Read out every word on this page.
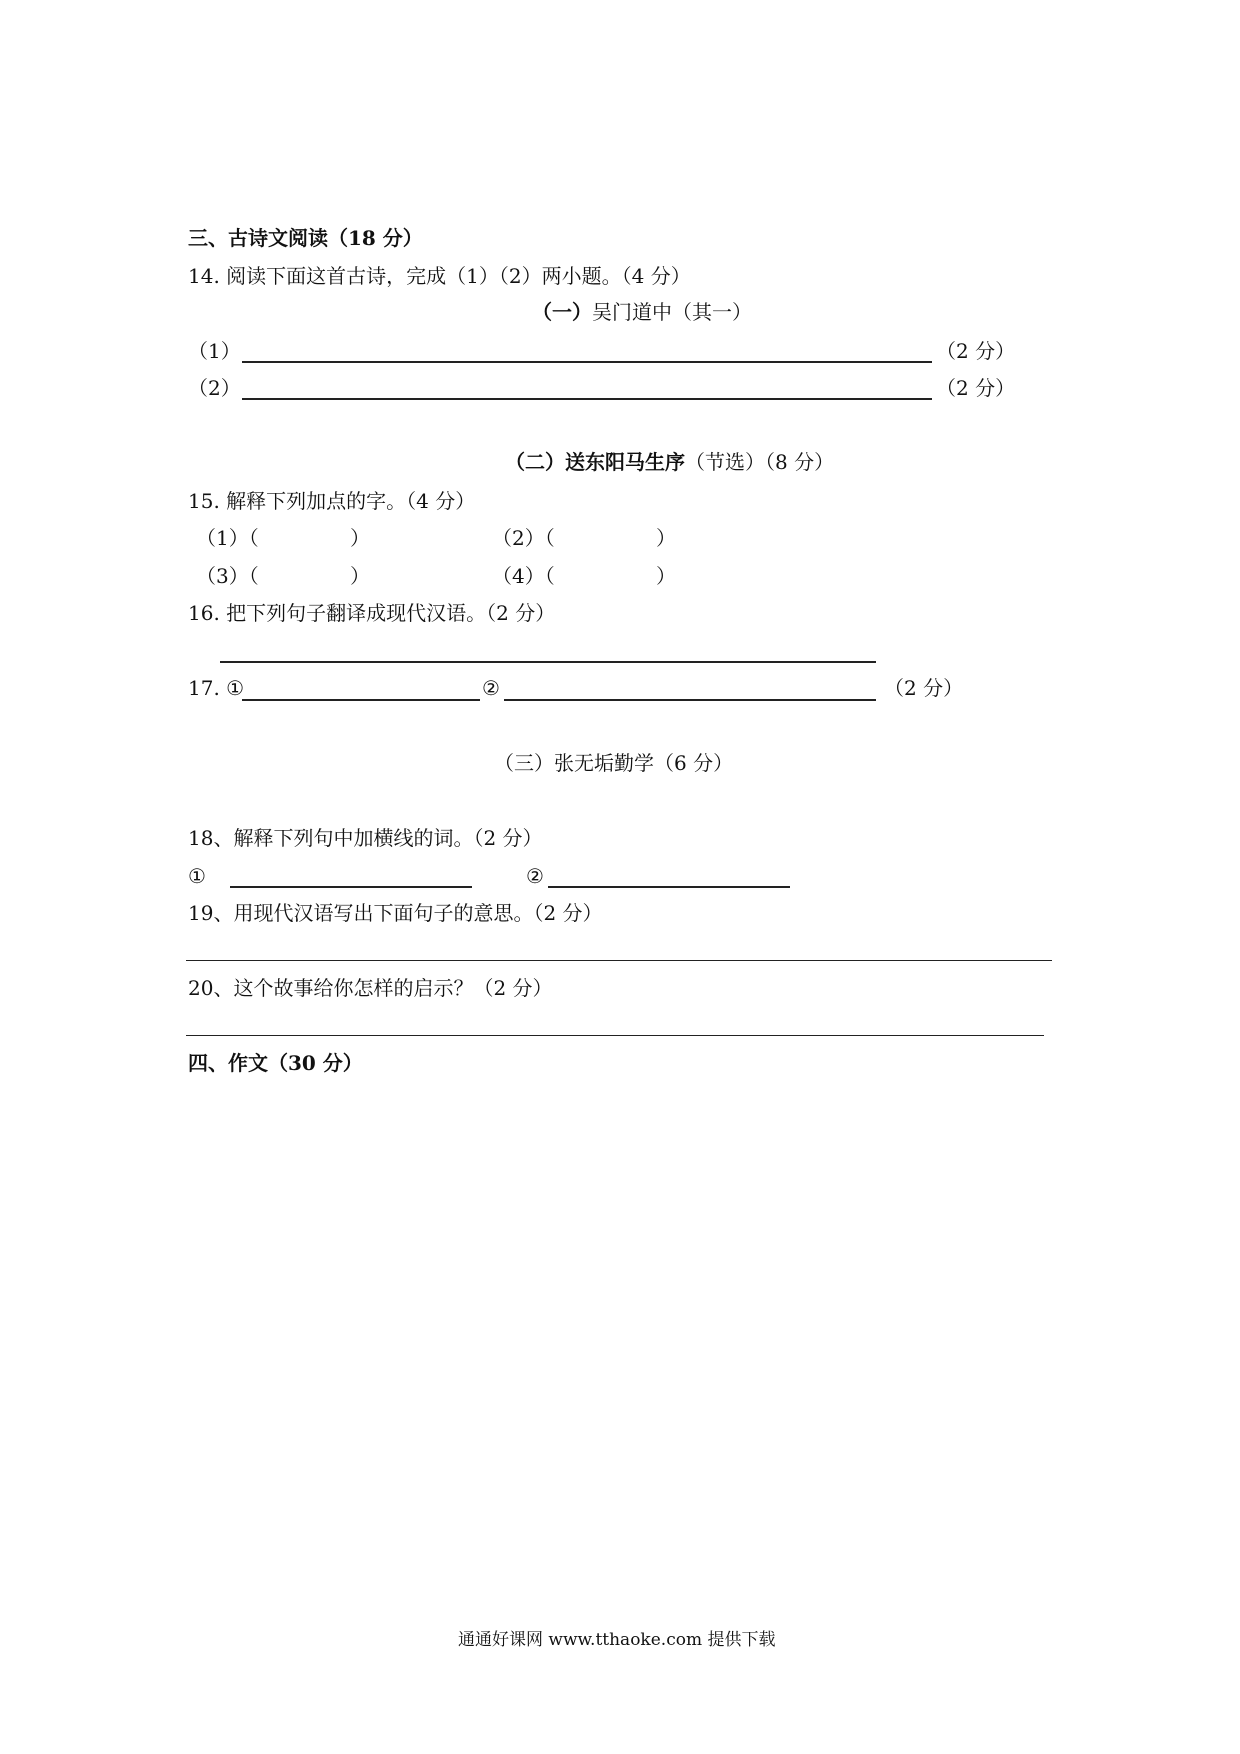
三、古诗文阅读（18 分）
14. 阅读下面这首古诗，完成（1）（2）两小题。（4 分）
（一）吴门道中（其一）
（1）	（2 分）
（2）	（2 分）
（二）送东阳马生序（节选）（8 分）
15. 解释下列加点的字。（4 分）
（1）（	）	（2）（	）
（3）（	）	（4）（	）
16. 把下列句子翻译成现代汉语。（2 分）
17. ①	②	（2 分）
（三）张无垢勤学（6 分）
18、解释下列句中加横线的词。（2 分）
①	②
19、用现代汉语写出下面句子的意思。（2 分）
20、这个故事给你怎样的启示？（2 分）
四、作文（30 分）
通通好课网 www.tthaoke.com 提供下载
